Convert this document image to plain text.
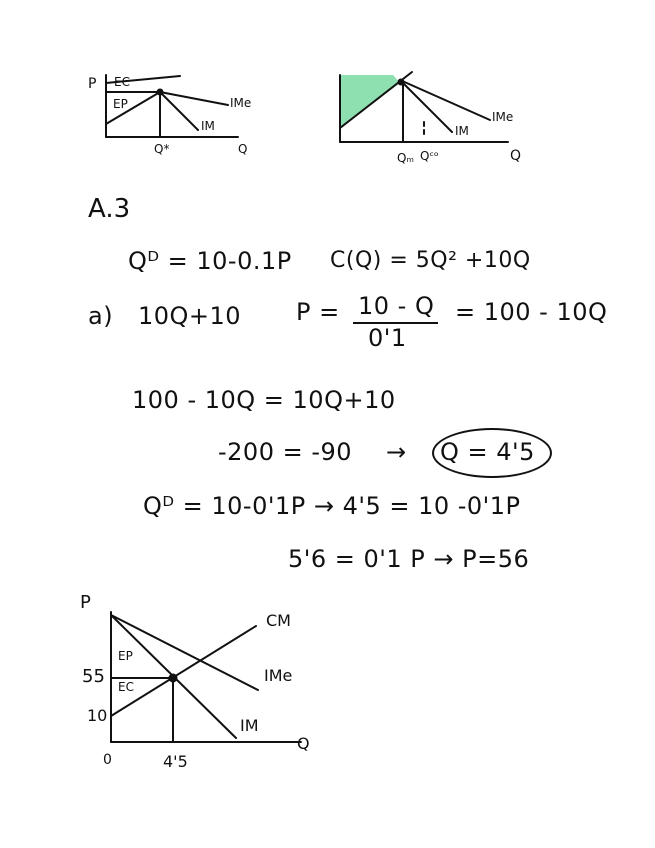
P EC
EP
Q*	Q
IMe
IM
Qₘ Qᶜᵒ	Q
IMe
IM
A.3
Qᴰ = 10-0.1P C(Q) = 5Q² +10Q
a) 10Q+10 P = 10 - Q
0'1
= 100 - 10Q
100 - 10Q = 10Q+10
-200 = -90 → Q = 4'5
Qᴰ = 10-0'1P → 4'5 = 10 -0'1P
5'6 = 0'1 P → P=56
P
55
10
EP
EC
CM
IMe
IM
Q
0	4'5
